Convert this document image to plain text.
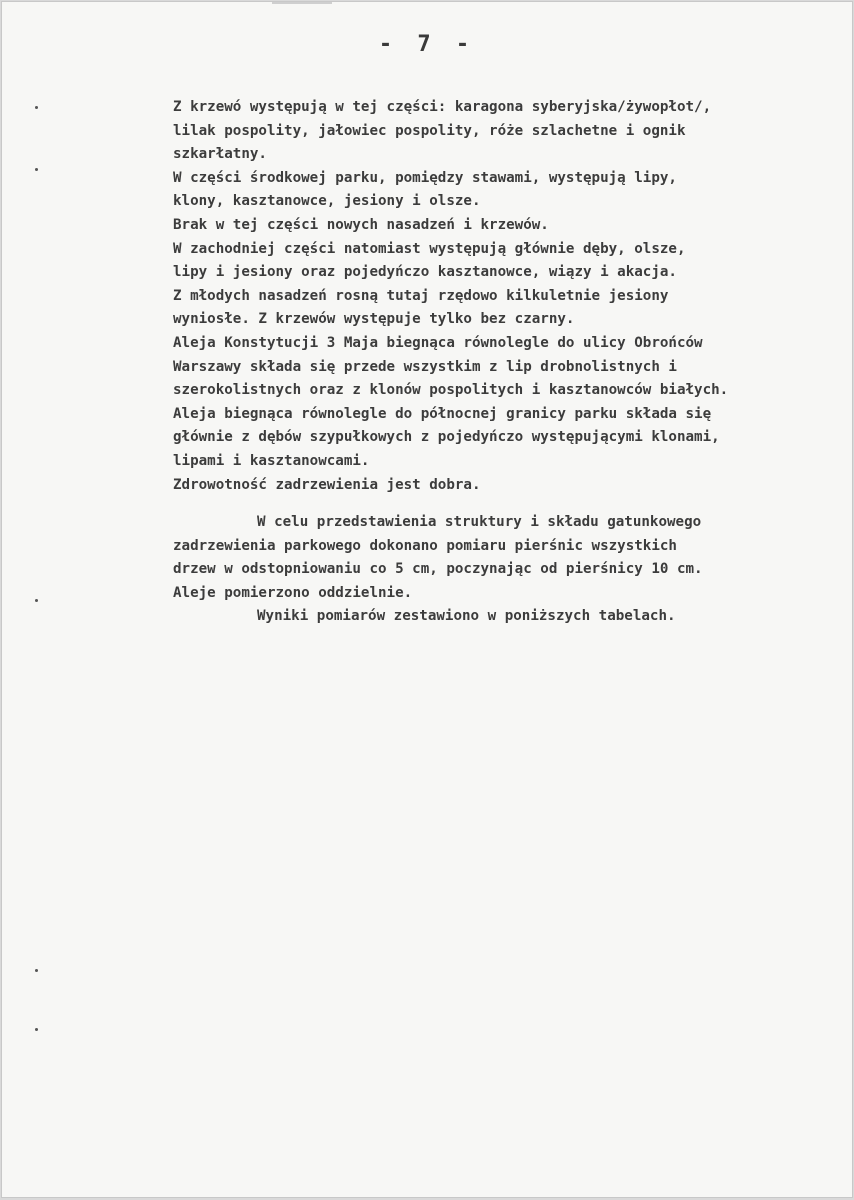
- 7 -
Z krzewó występują w tej części: karagona syberyjska/żywopłot/,
lilak pospolity, jałowiec pospolity, róże szlachetne i ognik
szkarłatny.
W części środkowej parku, pomiędzy stawami, występują lipy,
klony, kasztanowce, jesiony i olsze.
Brak w tej części nowych nasadzeń i krzewów.
W zachodniej części natomiast występują głównie dęby, olsze,
lipy i jesiony oraz pojedyńczo kasztanowce, wiązy i akacja.
Z młodych nasadzeń rosną tutaj rzędowo kilkuletnie jesiony
wyniosłe. Z krzewów występuje tylko bez czarny.
Aleja Konstytucji 3 Maja biegnąca równolegle do ulicy Obrońców
Warszawy składa się przede wszystkim z lip drobnolistnych i
szerokolistnych oraz z klonów pospolitych i kasztanowców białych.
Aleja biegnąca równolegle do północnej granicy parku składa się
głównie z dębów szypułkowych z pojedyńczo występującymi klonami,
lipami i kasztanowcami.
Zdrowotność zadrzewienia jest dobra.
W celu przedstawienia struktury i składu gatunkowego
zadrzewienia parkowego dokonano pomiaru pierśnic wszystkich
drzew w odstopniowaniu co 5 cm, poczynając od pierśnicy 10 cm.
Aleje pomierzono oddzielnie.
Wyniki pomiarów zestawiono w poniższych tabelach.
